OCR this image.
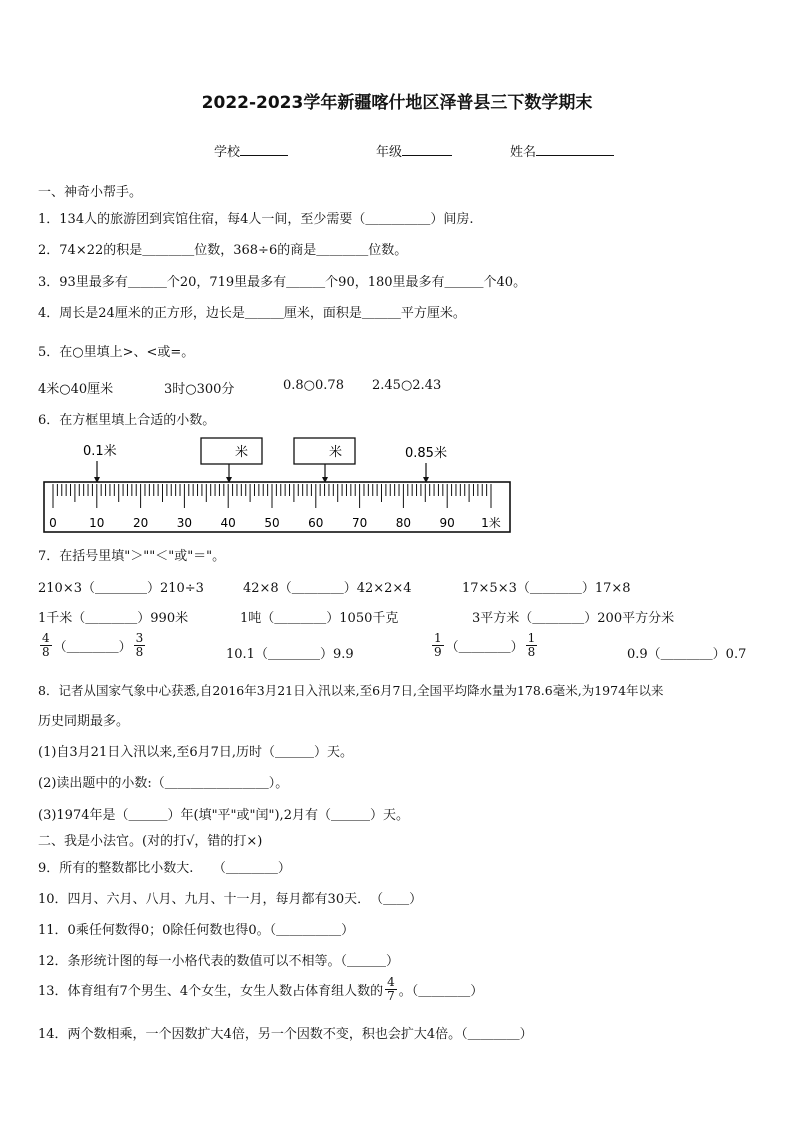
2022-2023学年新疆喀什地区泽普县三下数学期末
学校	年级	姓名
一、神奇小帮手。
1．134人的旅游团到宾馆住宿，每4人一间，至少需要（＿＿＿＿＿）间房.
2．74×22的积是＿＿＿＿位数，368÷6的商是＿＿＿＿位数。
3．93里最多有＿＿＿个20，719里最多有＿＿＿个90，180里最多有＿＿＿个40。
4．周长是24厘米的正方形，边长是＿＿＿厘米，面积是＿＿＿平方厘米。
5．在○里填上>、<或=。
4米○40厘米	3时○300分	0.8○0.78 2.45○2.43
6．在方框里填上合适的小数。
0.1米	米	米	0.85米
0	10 20 30 40 50 60 70 80 90 1米
7．在括号里填"＞""＜"或"＝"。
210×3（＿＿＿＿）210÷3	42×8（＿＿＿＿）42×2×4	17×5×3（＿＿＿＿）17×8
1千米（＿＿＿＿）990米	1吨（＿＿＿＿）1050千克	3平方米（＿＿＿＿）200平方分米
$\frac{4}{8}$ （＿＿＿＿） $\frac{3}{8}$	10.1（＿＿＿＿）9.9	$\frac{1}{9}$ （＿＿＿＿） $\frac{1}{8}$	0.9（＿＿＿＿）0.7
8．记者从国家气象中心获悉,自2016年3月21日入汛以来,至6月7日,全国平均降水量为178.6毫米,为1974年以来
历史同期最多。
(1)自3月21日入汛以来,至6月7日,历时（＿＿＿）天。
(2)读出题中的小数:（＿＿＿＿＿＿＿＿）。
(3)1974年是（＿＿＿）年(填"平"或"闰"),2月有（＿＿＿）天。
二、我是小法官。(对的打√，错的打×)
9．所有的整数都比小数大.　　（＿＿＿＿）
10．四月、六月、八月、九月、十一月，每月都有30天．　（＿＿）
11．0乘任何数得0；0除任何数也得0。（＿＿＿＿＿）
12．条形统计图的每一小格代表的数值可以不相等。（＿＿＿）
13．体育组有7个男生、4个女生，女生人数占体育组人数的 $\frac{4}{7}$ 。（＿＿＿＿）
14．两个数相乘，一个因数扩大4倍，另一个因数不变，积也会扩大4倍。（＿＿＿＿）
